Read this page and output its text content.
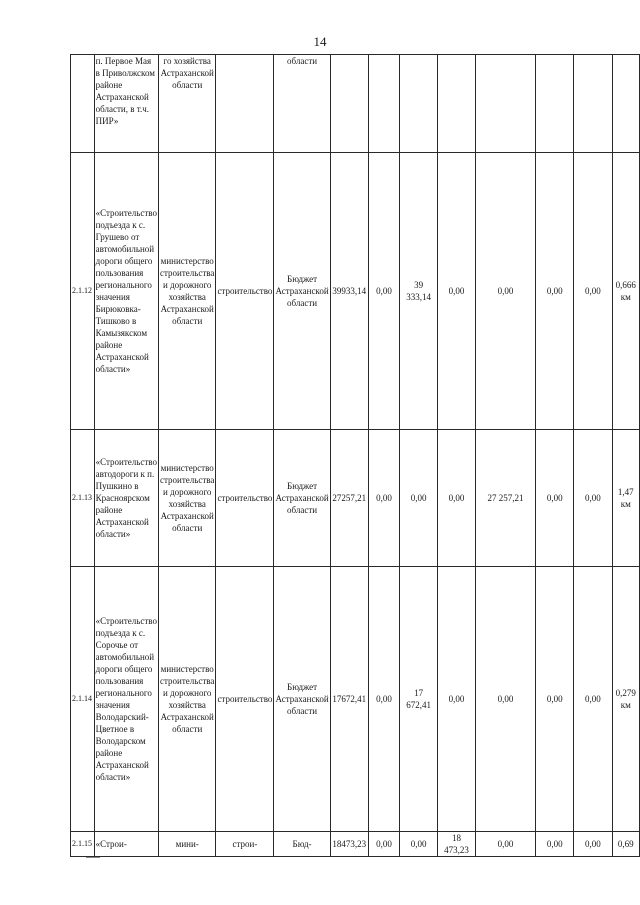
14
	п. Первое Мая в Приволжском районе Астраханской области, в т.ч. ПИР»	го хозяйства Астраханской области		области								
2.1.12	«Строительство подъезда к с. Грушево от автомобильной дороги общего пользования регионального значения Бирюковка-Тишково в Камызякском районе Астраханской области»	министерство строительства и дорожного хозяйства Астраханской области	строительство	Бюджет Астраханской области	39933,14	0,00	39 333,14	0,00	0,00	0,00	0,00	0,666 км
2.1.13	«Строительство автодороги к п. Пушкино в Красноярском районе Астраханской области»	министерство строительства и дорожного хозяйства Астраханской области	строительство	Бюджет Астраханской области	27257,21	0,00	0,00	0,00	27 257,21	0,00	0,00	1,47 км
2.1.14	«Строительство подъезда к с. Сорочье от автомобильной дороги общего пользования регионального значения Володарский-Цветное в Володарском районе Астраханской области»	министерство строительства и дорожного хозяйства Астраханской области	строительство	Бюджет Астраханской области	17672,41	0,00	17 672,41	0,00	0,00	0,00	0,00	0,279 км
2.1.15	«Строи-	мини-	строи-	Бюд-	18473,23	0,00	0,00	18 473,23	0,00	0,00	0,00	0,69
